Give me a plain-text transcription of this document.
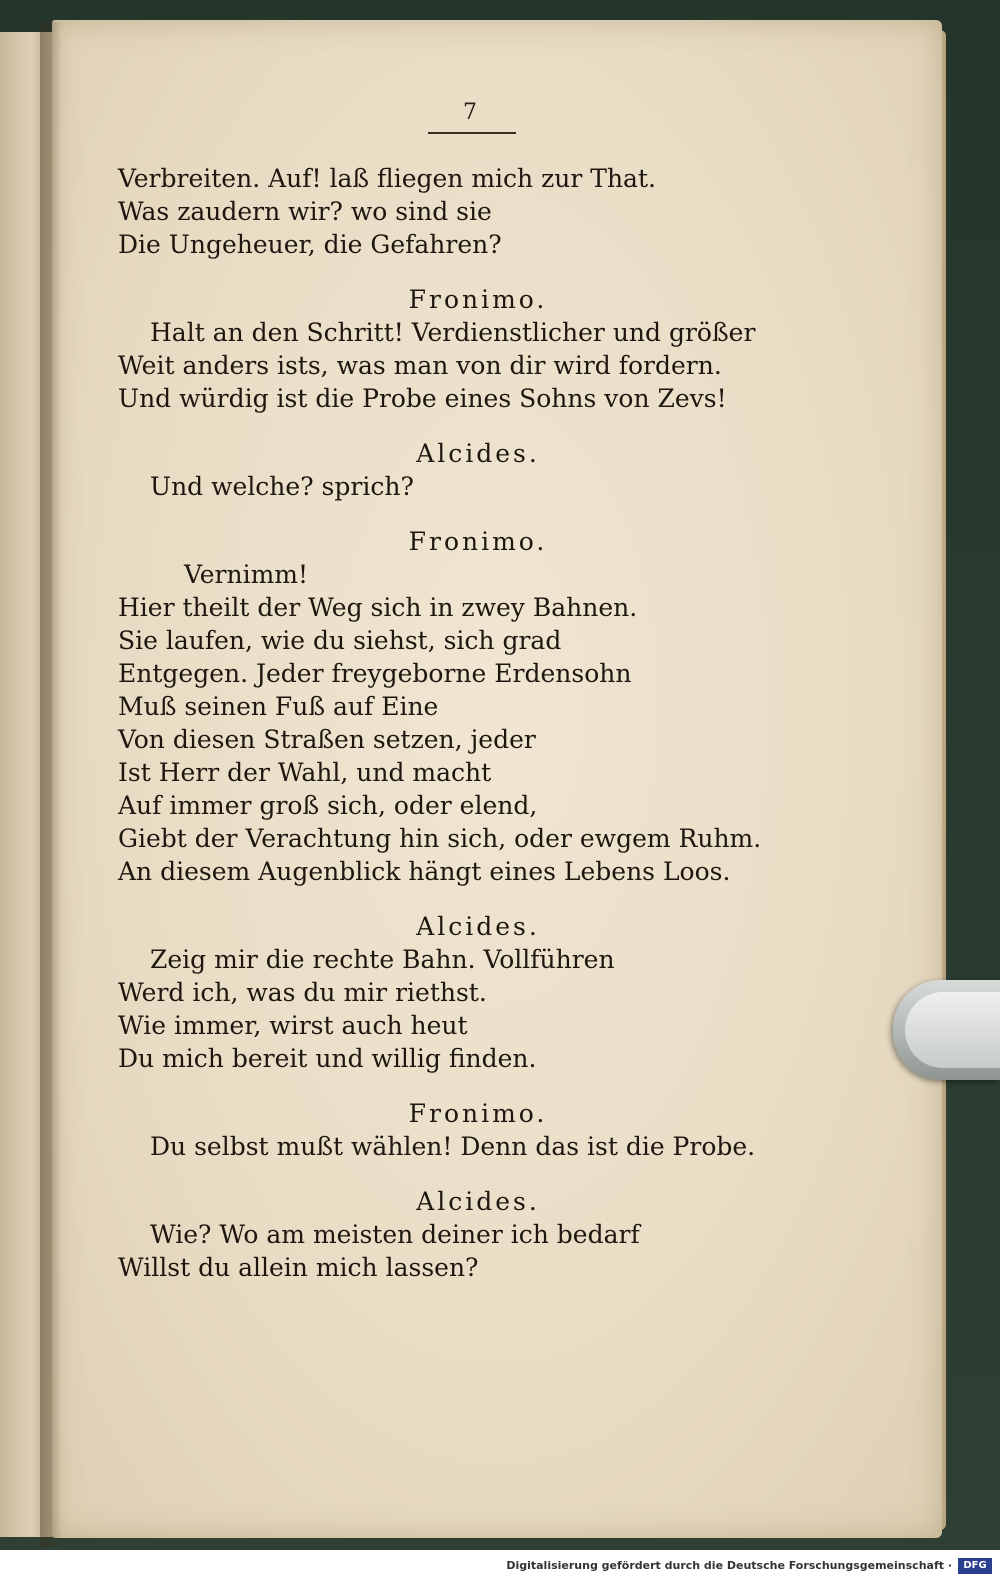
7
Verbreiten. Auf! laß fliegen mich zur That.
Was zaudern wir? wo sind sie
Die Ungeheuer, die Gefahren?
Fronimo.
Halt an den Schritt! Verdienstlicher und größer
Weit anders ists, was man von dir wird fordern.
Und würdig ist die Probe eines Sohns von Zevs!
Alcides.
Und welche? sprich?
Fronimo.
Vernimm!
Hier theilt der Weg sich in zwey Bahnen.
Sie laufen, wie du siehst, sich grad
Entgegen. Jeder freygeborne Erdensohn
Muß seinen Fuß auf Eine
Von diesen Straßen setzen, jeder
Ist Herr der Wahl, und macht
Auf immer groß sich, oder elend,
Giebt der Verachtung hin sich, oder ewgem Ruhm.
An diesem Augenblick hängt eines Lebens Loos.
Alcides.
Zeig mir die rechte Bahn. Vollführen
Werd ich, was du mir riethst.
Wie immer, wirst auch heut
Du mich bereit und willig finden.
Fronimo.
Du selbst mußt wählen! Denn das ist die Probe.
Alcides.
Wie? Wo am meisten deiner ich bedarf
Willst du allein mich lassen?
Digitalisierung gefördert durch die Deutsche Forschungsgemeinschaft ·	DFG
